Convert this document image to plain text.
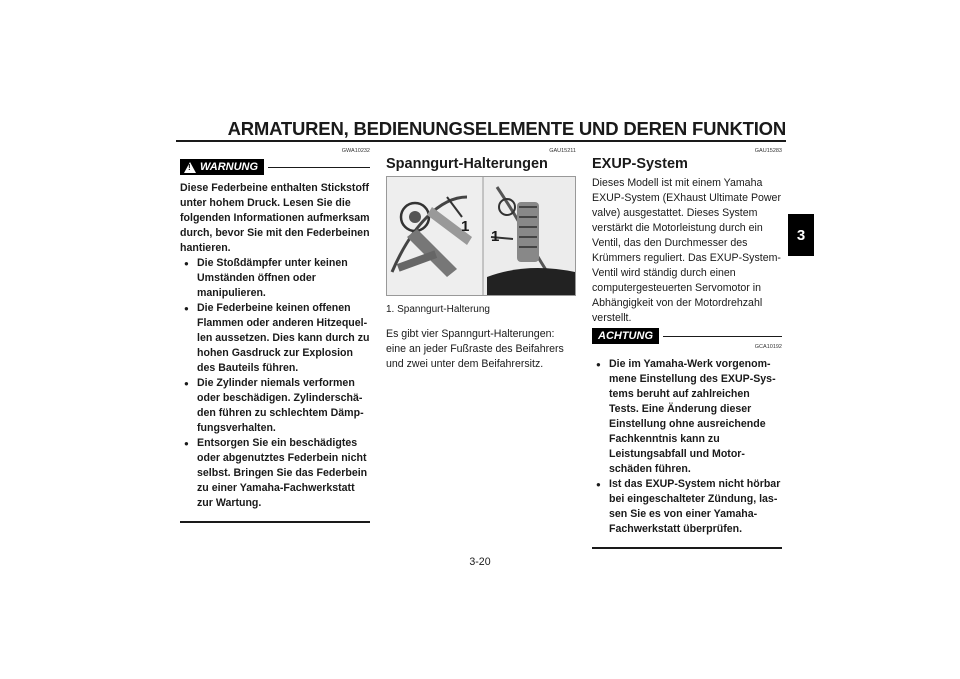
ARMATUREN, BEDIENUNGSELEMENTE UND DEREN FUNKTION
3
GWA10232
! WARNUNG
Diese Federbeine enthalten Stickstoff unter hohem Druck. Lesen Sie die folgenden Informationen aufmerksam durch, bevor Sie mit den Federbeinen hantieren.
● Die Stoßdämpfer unter keinen Umständen öffnen oder manipulieren.
● Die Federbeine keinen offenen Flammen oder anderen Hitzequellen aussetzen. Dies kann durch zu hohen Gasdruck zur Explosion des Bauteils führen.
● Die Zylinder niemals verformen oder beschädigen. Zylinderschäden führen zu schlechtem Dämpfungsverhalten.
● Entsorgen Sie ein beschädigtes oder abgenutztes Federbein nicht selbst. Bringen Sie das Federbein zu einer Yamaha-Fachwerkstatt zur Wartung.
GAU15211
Spanngurt-Halterungen
1
1
1. Spanngurt-Halterung
Es gibt vier Spanngurt-Halterungen: eine an jeder Fußraste des Beifahrers und zwei unter dem Beifahrersitz.
GAU15283
EXUP-System
Dieses Modell ist mit einem Yamaha EXUP-System (EXhaust Ultimate Power valve) ausgestattet. Dieses System verstärkt die Motorleistung durch ein Ventil, das den Durchmesser des Krümmers reguliert. Das EXUP-System-Ventil wird ständig durch einen computergesteuerten Servomotor in Abhängigkeit von der Motordrehzahl verstellt.
ACHTUNG
GCA10192
● Die im Yamaha-Werk vorgenommene Einstellung des EXUP-Systems beruht auf zahlreichen Tests. Eine Änderung dieser Einstellung ohne ausreichende Fachkenntnis kann zu Leistungsabfall und Motorschäden führen.
● Ist das EXUP-System nicht hörbar bei eingeschalteter Zündung, lassen Sie es von einer Yamaha-Fachwerkstatt überprüfen.
3-20
